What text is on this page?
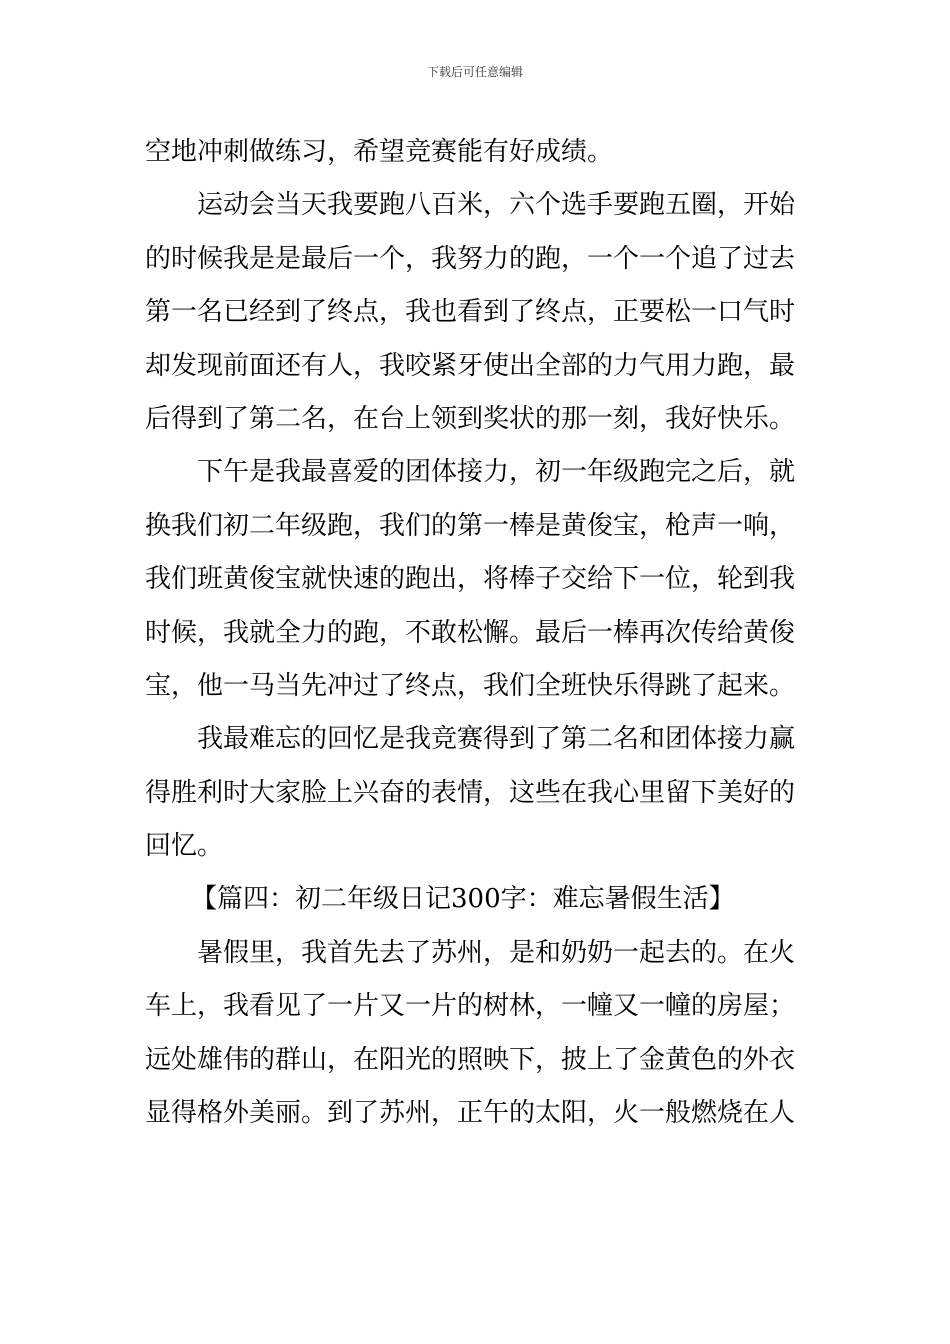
下载后可任意编辑
空地冲刺做练习，希望竞赛能有好成绩。
运动会当天我要跑八百米，六个选手要跑五圈，开始
的时候我是是最后一个，我努力的跑，一个一个追了过去
第一名已经到了终点，我也看到了终点，正要松一口气时
却发现前面还有人，我咬紧牙使出全部的力气用力跑，最
后得到了第二名，在台上领到奖状的那一刻，我好快乐。
下午是我最喜爱的团体接力，初一年级跑完之后，就
换我们初二年级跑，我们的第一棒是黄俊宝，枪声一响，
我们班黄俊宝就快速的跑出，将棒子交给下一位，轮到我
时候，我就全力的跑，不敢松懈。最后一棒再次传给黄俊
宝，他一马当先冲过了终点，我们全班快乐得跳了起来。
我最难忘的回忆是我竞赛得到了第二名和团体接力赢
得胜利时大家脸上兴奋的表情，这些在我心里留下美好的
回忆。
【篇四：初二年级日记300字：难忘暑假生活】
暑假里，我首先去了苏州，是和奶奶一起去的。在火
车上，我看见了一片又一片的树林，一幢又一幢的房屋；
远处雄伟的群山，在阳光的照映下，披上了金黄色的外衣
显得格外美丽。到了苏州，正午的太阳，火一般燃烧在人
